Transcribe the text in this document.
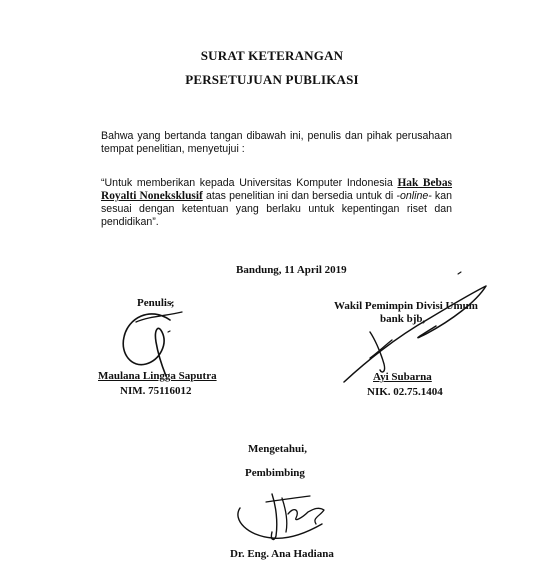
SURAT KETERANGAN
PERSETUJUAN PUBLIKASI
Bahwa yang bertanda tangan dibawah ini, penulis dan pihak perusahaan tempat penelitian, menyetujui :
“Untuk memberikan kepada Universitas Komputer Indonesia Hak Bebas Royalti Noneksklusif atas penelitian ini dan bersedia untuk di -online- kan sesuai dengan ketentuan yang berlaku untuk kepentingan riset dan pendidikan”.
Bandung, 11 April 2019
Penulis,
Maulana Lingga Saputra
NIM. 75116012
Wakil Pemimpin Divisi Umum
bank bjb,
Ayi Subarna
NIK. 02.75.1404
Mengetahui,
Pembimbing
Dr. Eng. Ana Hadiana
